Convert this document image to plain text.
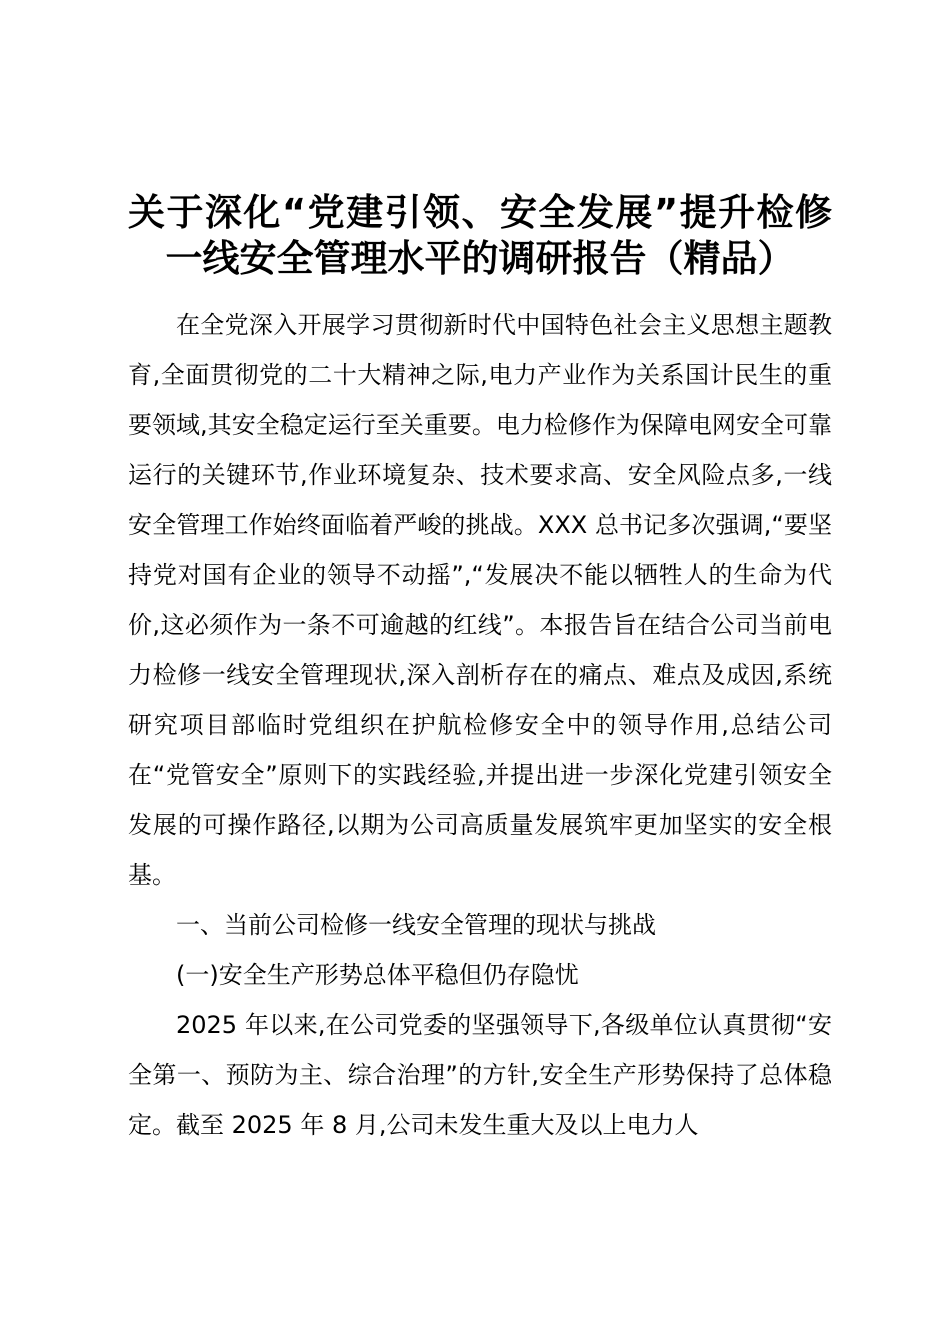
关于深化“党建引领、安全发展”提升检修一线安全管理水平的调研报告（精品）

在全党深入开展学习贯彻新时代中国特色社会主义思想主题教育,全面贯彻党的二十大精神之际,电力产业作为关系国计民生的重要领域,其安全稳定运行至关重要。电力检修作为保障电网安全可靠运行的关键环节,作业环境复杂、技术要求高、安全风险点多,一线安全管理工作始终面临着严峻的挑战。XXX 总书记多次强调,“要坚持党对国有企业的领导不动摇”,“发展决不能以牺牲人的生命为代价,这必须作为一条不可逾越的红线”。本报告旨在结合公司当前电力检修一线安全管理现状,深入剖析存在的痛点、难点及成因,系统研究项目部临时党组织在护航检修安全中的领导作用,总结公司在“党管安全”原则下的实践经验,并提出进一步深化党建引领安全发展的可操作路径,以期为公司高质量发展筑牢更加坚实的安全根基。

一、当前公司检修一线安全管理的现状与挑战

(一)安全生产形势总体平稳但仍存隐忧

2025 年以来,在公司党委的坚强领导下,各级单位认真贯彻“安全第一、预防为主、综合治理”的方针,安全生产形势保持了总体稳定。截至 2025 年 8 月,公司未发生重大及以上电力人
